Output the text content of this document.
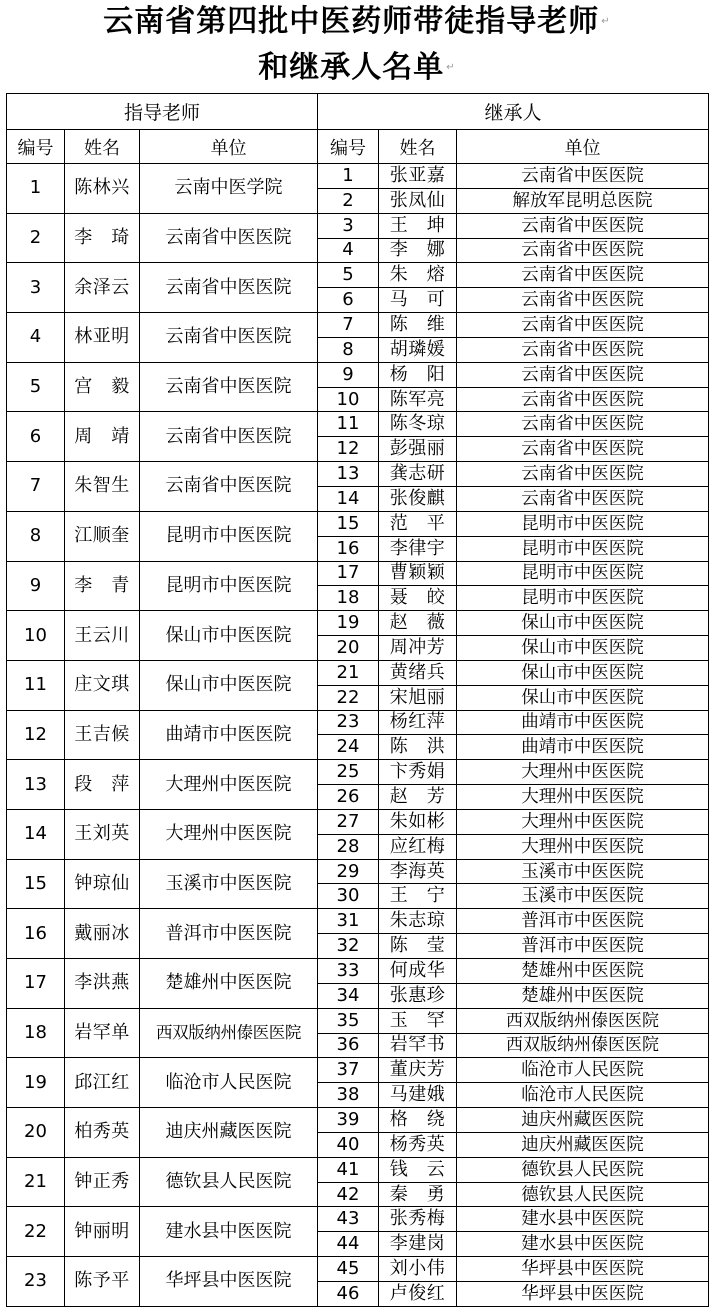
云南省第四批中医药师带徒指导老师 ↵
和继承人名单 ↵
指导老师			继承人		
编号	姓名	单位	编号	姓名	单位
1	陈林兴	云南中医学院	1	张亚嘉	云南省中医医院
			2	张凤仙	解放军昆明总医院
2	李　琦	云南省中医医院	3	王　坤	云南省中医医院
			4	李　娜	云南省中医医院
3	余泽云	云南省中医医院	5	朱　熔	云南省中医医院
			6	马　可	云南省中医医院
4	林亚明	云南省中医医院	7	陈　维	云南省中医医院
			8	胡璘媛	云南省中医医院
5	宫　毅	云南省中医医院	9	杨　阳	云南省中医医院
			10	陈军亮	云南省中医医院
6	周　靖	云南省中医医院	11	陈冬琼	云南省中医医院
			12	彭强丽	云南省中医医院
7	朱智生	云南省中医医院	13	龚志研	云南省中医医院
			14	张俊麒	云南省中医医院
8	江顺奎	昆明市中医医院	15	范　平	昆明市中医医院
			16	李律宇	昆明市中医医院
9	李　青	昆明市中医医院	17	曹颖颖	昆明市中医医院
			18	聂　皎	昆明市中医医院
10	王云川	保山市中医医院	19	赵　薇	保山市中医医院
			20	周冲芳	保山市中医医院
11	庄文琪	保山市中医医院	21	黄绪兵	保山市中医医院
			22	宋旭丽	保山市中医医院
12	王吉候	曲靖市中医医院	23	杨红萍	曲靖市中医医院
			24	陈　洪	曲靖市中医医院
13	段　萍	大理州中医医院	25	卞秀娟	大理州中医医院
			26	赵　芳	大理州中医医院
14	王刘英	大理州中医医院	27	朱如彬	大理州中医医院
			28	应红梅	大理州中医医院
15	钟琼仙	玉溪市中医医院	29	李海英	玉溪市中医医院
			30	王　宁	玉溪市中医医院
16	戴丽冰	普洱市中医医院	31	朱志琼	普洱市中医医院
			32	陈　莹	普洱市中医医院
17	李洪燕	楚雄州中医医院	33	何成华	楚雄州中医医院
			34	张惠珍	楚雄州中医医院
18	岩罕单	西双版纳州傣医医院	35	玉　罕	西双版纳州傣医医院
			36	岩罕书	西双版纳州傣医医院
19	邱江红	临沧市人民医院	37	董庆芳	临沧市人民医院
			38	马建娥	临沧市人民医院
20	柏秀英	迪庆州藏医医院	39	格　绕	迪庆州藏医医院
			40	杨秀英	迪庆州藏医医院
21	钟正秀	德钦县人民医院	41	钱　云	德钦县人民医院
			42	秦　勇	德钦县人民医院
22	钟丽明	建水县中医医院	43	张秀梅	建水县中医医院
			44	李建岗	建水县中医医院
23	陈予平	华坪县中医医院	45	刘小伟	华坪县中医医院
			46	卢俊红	华坪县中医医院
